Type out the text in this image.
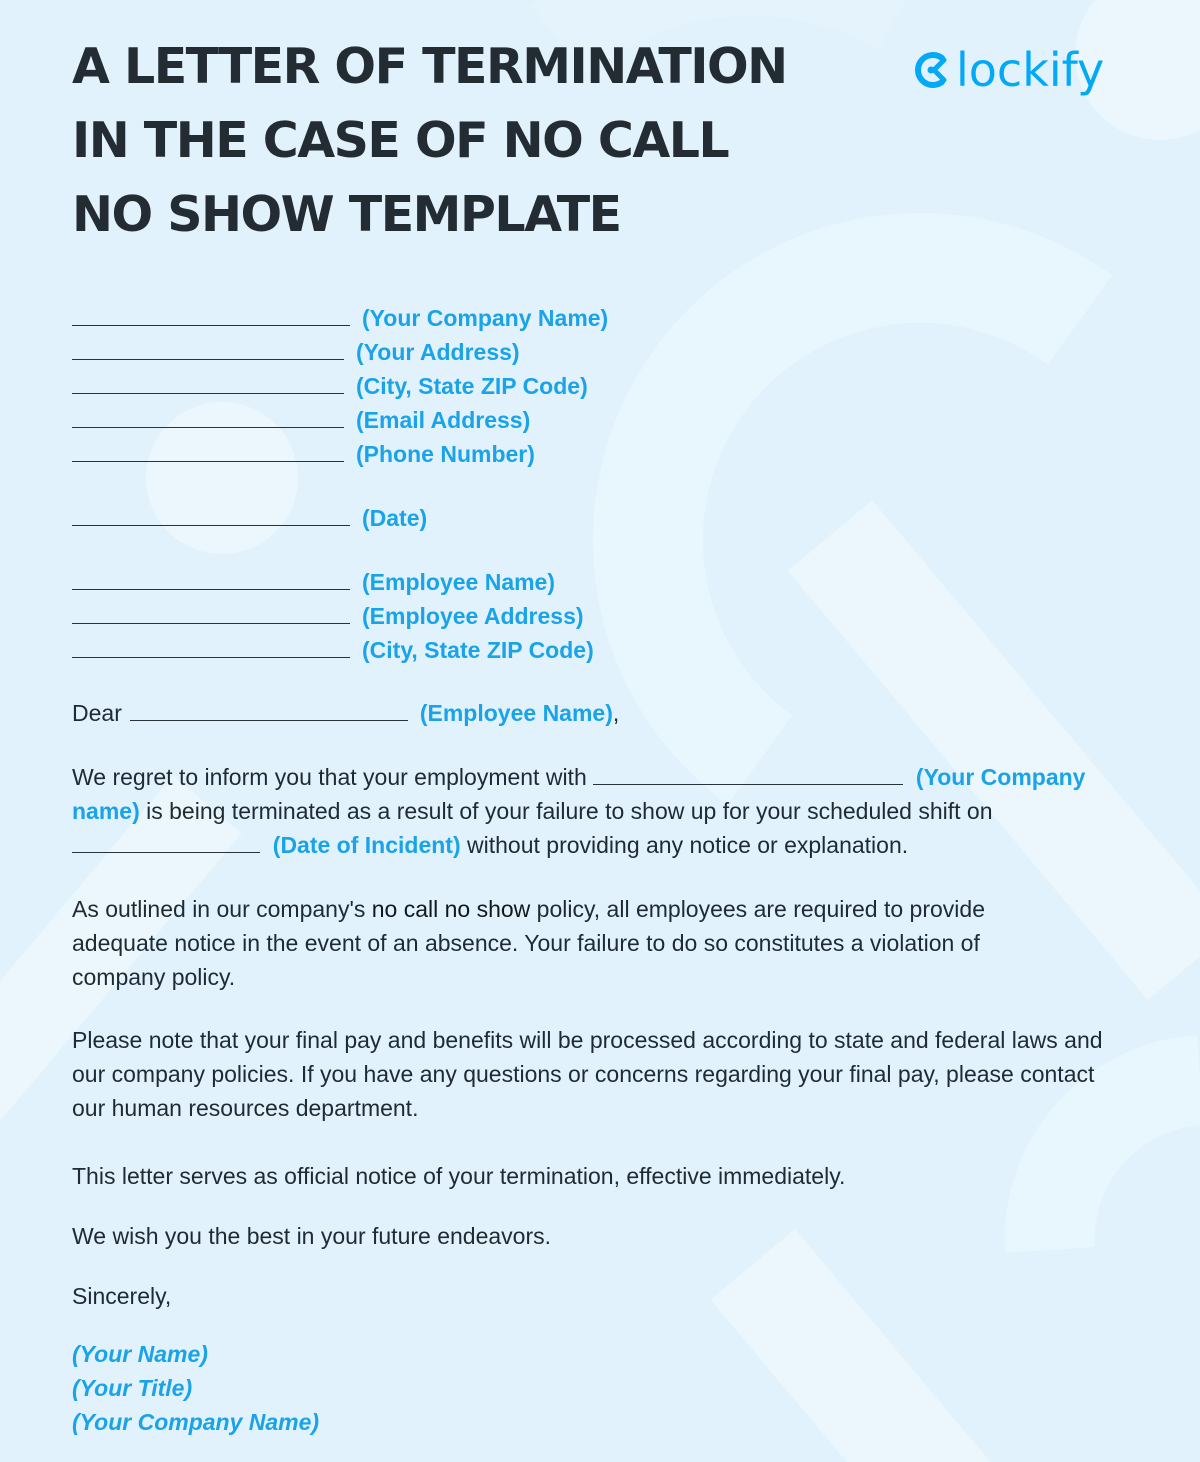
A LETTER OF TERMINATION
IN THE CASE OF NO CALL
NO SHOW TEMPLATE
lockify
(Your Company Name)
(Your Address)
(City, State ZIP Code)
(Email Address)
(Phone Number)
(Date)
(Employee Name)
(Employee Address)
(City, State ZIP Code)
Dear	(Employee Name) ,

We regret to inform you that your employment with	(Your Company name) is being terminated as a result of your failure to show up for your scheduled shift on   (Date of Incident) without providing any notice or explanation.

As outlined in our company's no call no show policy, all employees are required to provide adequate notice in the event of an absence. Your failure to do so constitutes a violation of company policy.

Please note that your final pay and benefits will be processed according to state and federal laws and our company policies. If you have any questions or concerns regarding your final pay, please contact our human resources department.

This letter serves as official notice of your termination, effective immediately.

We wish you the best in your future endeavors.

Sincerely,

(Your Name)
(Your Title)
(Your Company Name)
